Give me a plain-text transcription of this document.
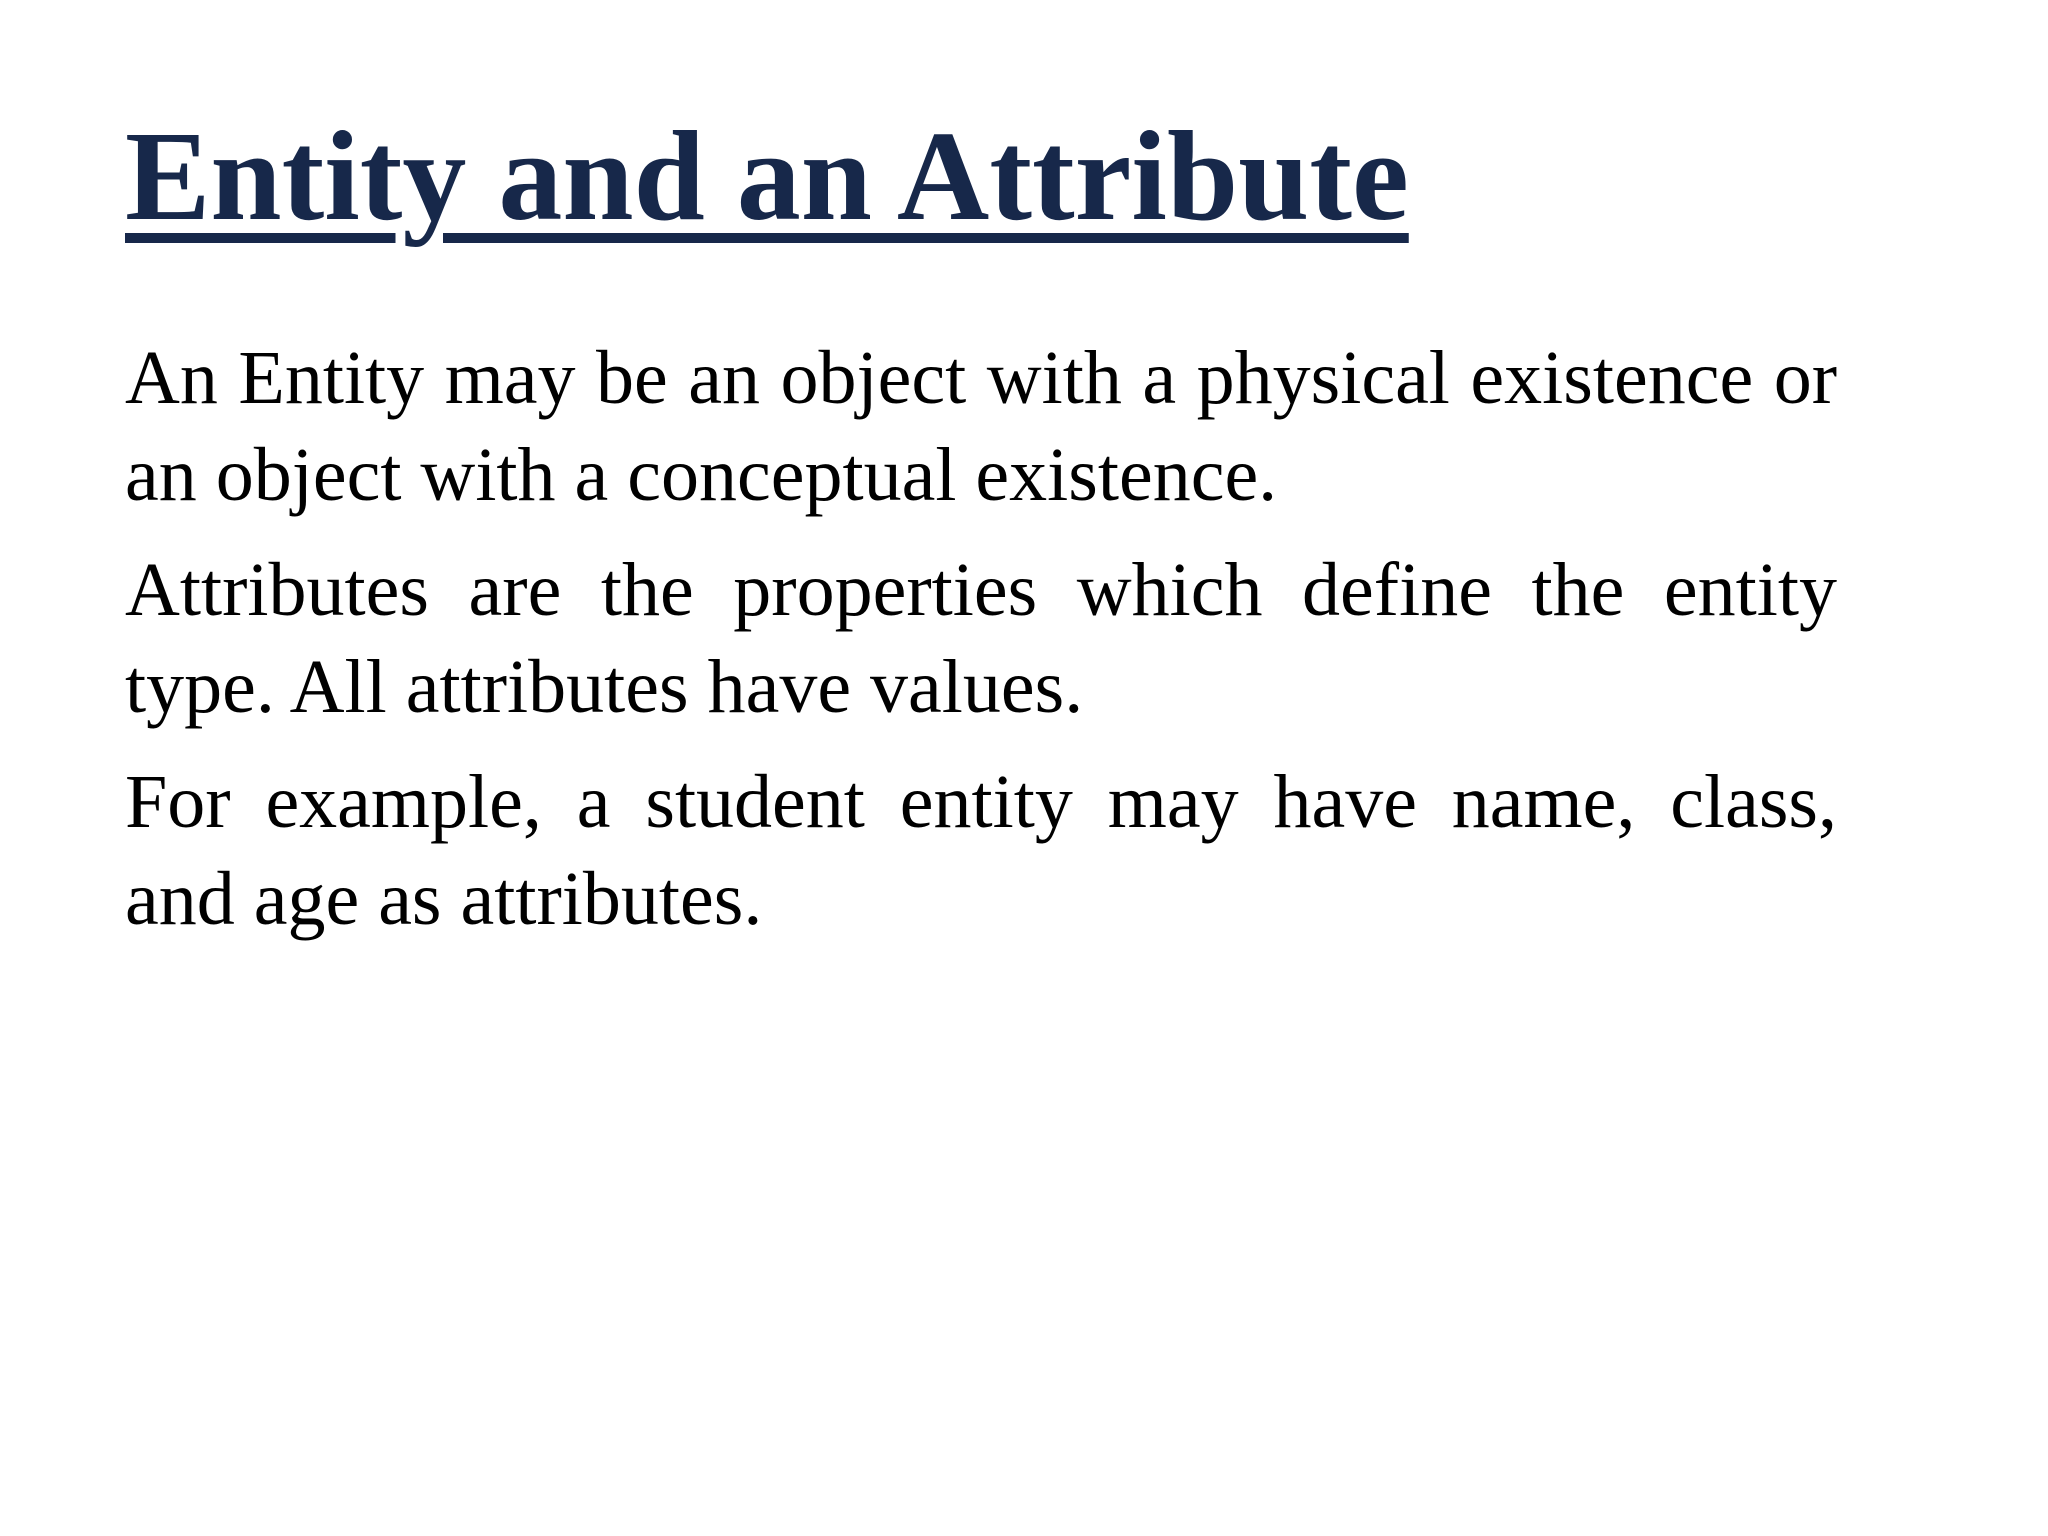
Entity and an Attribute

An Entity may be an object with a physical existence or an object with a conceptual existence.

Attributes are the properties which define the entity type. All attributes have values.

For example, a student entity may have name, class, and age as attributes.
